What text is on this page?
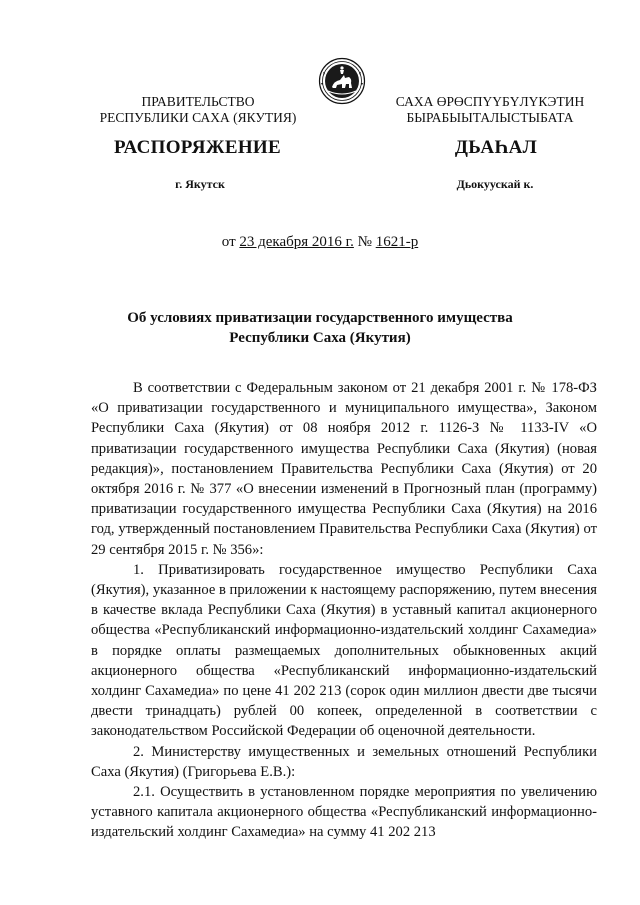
ПРАВИТЕЛЬСТВО
РЕСПУБЛИКИ САХА (ЯКУТИЯ)
САХА ӨРӨСПҮҮБҮЛҮКЭТИН
БЫРАБЫЫТАЛЫСТЫБАТА
РАСПОРЯЖЕНИЕ	ДЬАҺАЛ
г. Якутск	Дьокуускай к.
от 23 декабря 2016 г. № 1621-р
Об условиях приватизации государственного имущества
Республики Саха (Якутия)

В соответствии с Федеральным законом от 21 декабря 2001 г. № 178-ФЗ «О приватизации государственного и муниципального имущества», Законом Республики Саха (Якутия) от 08 ноября 2012 г. 1126-З № 1133-IV «О приватизации государственного имущества Республики Саха (Якутия) (новая редакция)», постановлением Правительства Республики Саха (Якутия) от 20 октября 2016 г. № 377 «О внесении изменений в Прогнозный план (программу) приватизации государственного имущества Республики Саха (Якутия) на 2016 год, утвержденный постановлением Правительства Республики Саха (Якутия) от 29 сентября 2015 г. № 356»:

1. Приватизировать государственное имущество Республики Саха (Якутия), указанное в приложении к настоящему распоряжению, путем внесения в качестве вклада Республики Саха (Якутия) в уставный капитал акционерного общества «Республиканский информационно-издательский холдинг Сахамедиа» в порядке оплаты размещаемых дополнительных обыкновенных акций акционерного общества «Республиканский информационно-издательский холдинг Сахамедиа» по цене 41 202 213 (сорок один миллион двести две тысячи двести тринадцать) рублей 00 копеек, определенной в соответствии с законодательством Российской Федерации об оценочной деятельности.

2. Министерству имущественных и земельных отношений Республики Саха (Якутия) (Григорьева Е.В.):

2.1. Осуществить в установленном порядке мероприятия по увеличению уставного капитала акционерного общества «Республиканский информационно-издательский холдинг Сахамедиа» на сумму 41 202 213
